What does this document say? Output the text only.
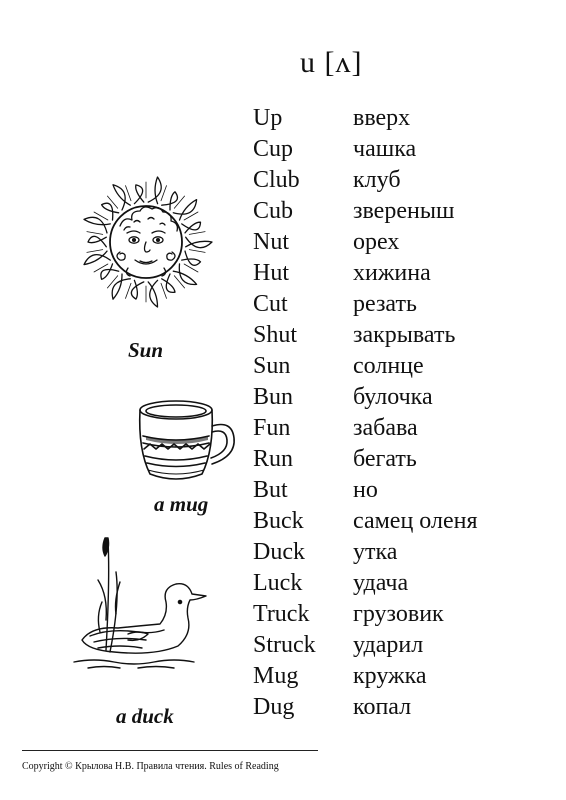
u [ʌ]
Up	вверх
Cup чашка
Club клуб
Cub звереныш
Nut	орех
Hut	хижина
Cut	резать
Shut закрывать
Sun	солнце
Bun булочка
Fun	забава
Run бегать
But	но
Buck самец оленя
Duck утка
Luck удача
Truck грузовик
Struck ударил
Mug кружка
Dug копал
Sun
a mug
a duck
Copyright © Крылова Н.В. Правила чтения. Rules of Reading
